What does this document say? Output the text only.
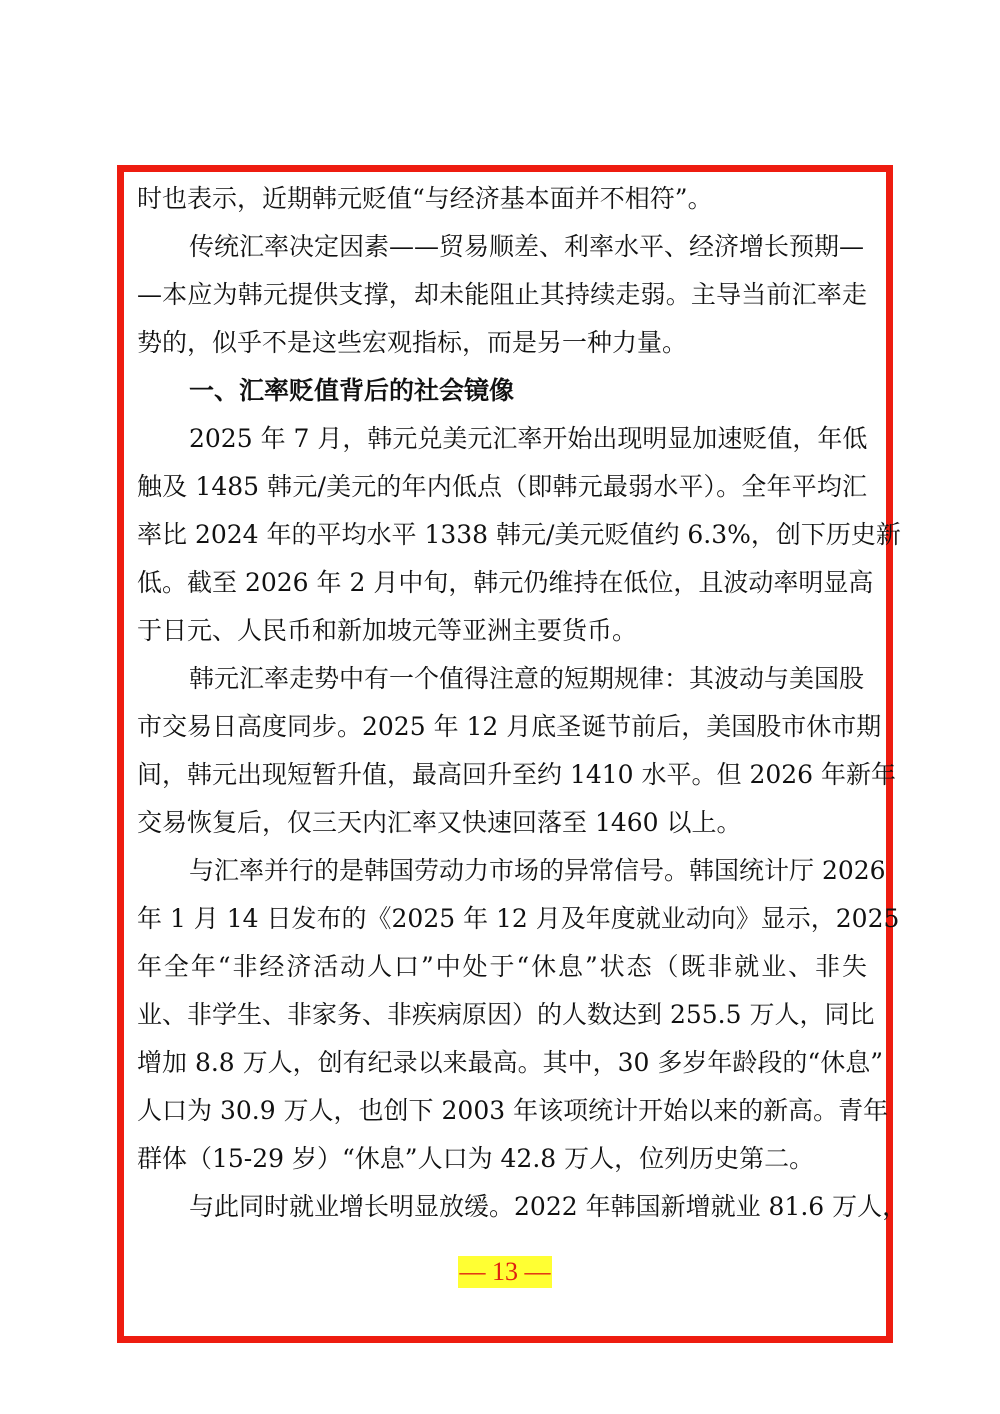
时也表示，近期韩元贬值“与经济基本面并不相符”。
传统汇率决定因素——贸易顺差、利率水平、经济增长预期—
—本应为韩元提供支撑，却未能阻止其持续走弱。主导当前汇率走
势的，似乎不是这些宏观指标，而是另一种力量。
一、汇率贬值背后的社会镜像
2025 年 7 月，韩元兑美元汇率开始出现明显加速贬值，年低
触及 1485 韩元/美元的年内低点（即韩元最弱水平）。全年平均汇
率比 2024 年的平均水平 1338 韩元/美元贬值约 6.3%，创下历史新
低。截至 2026 年 2 月中旬，韩元仍维持在低位，且波动率明显高
于日元、人民币和新加坡元等亚洲主要货币。
韩元汇率走势中有一个值得注意的短期规律：其波动与美国股
市交易日高度同步。2025 年 12 月底圣诞节前后，美国股市休市期
间，韩元出现短暂升值，最高回升至约 1410 水平。但 2026 年新年
交易恢复后，仅三天内汇率又快速回落至 1460 以上。
与汇率并行的是韩国劳动力市场的异常信号。韩国统计厅 2026
年 1 月 14 日发布的《2025 年 12 月及年度就业动向》显示，2025
年全年“非经济活动人口”中处于“休息”状态（既非就业、非失
业、非学生、非家务、非疾病原因）的人数达到 255.5 万人，同比
增加 8.8 万人，创有纪录以来最高。其中，30 多岁年龄段的“休息”
人口为 30.9 万人，也创下 2003 年该项统计开始以来的新高。青年
群体（15-29 岁）“休息”人口为 42.8 万人，位列历史第二。
与此同时就业增长明显放缓。2022 年韩国新增就业 81.6 万人，
— 13 —
